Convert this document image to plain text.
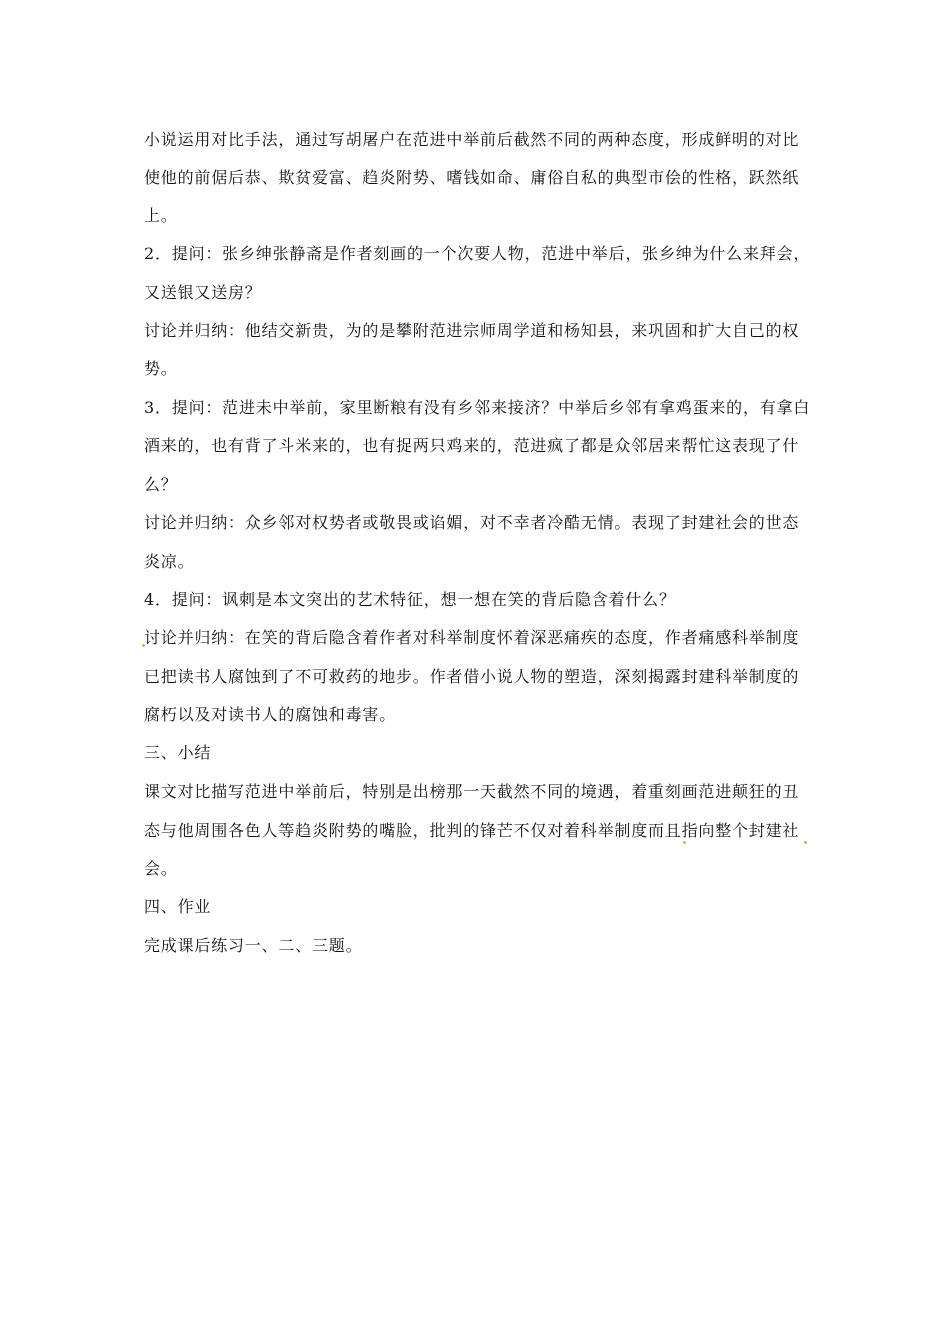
小说运用对比手法，通过写胡屠户在范进中举前后截然不同的两种态度，形成鲜明的对比
使他的前倨后恭、欺贫爱富、趋炎附势、嗜钱如命、庸俗自私的典型市侩的性格，跃然纸
上。
2．提问：张乡绅张静斋是作者刻画的一个次要人物，范进中举后，张乡绅为什么来拜会，
又送银又送房？
讨论并归纳：他结交新贵，为的是攀附范进宗师周学道和杨知县，来巩固和扩大自己的权
势。
3．提问：范进未中举前，家里断粮有没有乡邻来接济？中举后乡邻有拿鸡蛋来的，有拿白
酒来的，也有背了斗米来的，也有捉两只鸡来的，范进疯了都是众邻居来帮忙这表现了什
么？
讨论并归纳：众乡邻对权势者或敬畏或谄媚，对不幸者冷酷无情。表现了封建社会的世态
炎凉。
4．提问：讽刺是本文突出的艺术特征，想一想在笑的背后隐含着什么？
讨论并归纳：在笑的背后隐含着作者对科举制度怀着深恶痛疾的态度，作者痛感科举制度
已把读书人腐蚀到了不可救药的地步。作者借小说人物的塑造，深刻揭露封建科举制度的
腐朽以及对读书人的腐蚀和毒害。
三、小结
课文对比描写范进中举前后，特别是出榜那一天截然不同的境遇，着重刻画范进颠狂的丑
态与他周围各色人等趋炎附势的嘴脸，批判的锋芒不仅对着科举制度而且指向整个封建社
会。
四、作业
完成课后练习一、二、三题。
